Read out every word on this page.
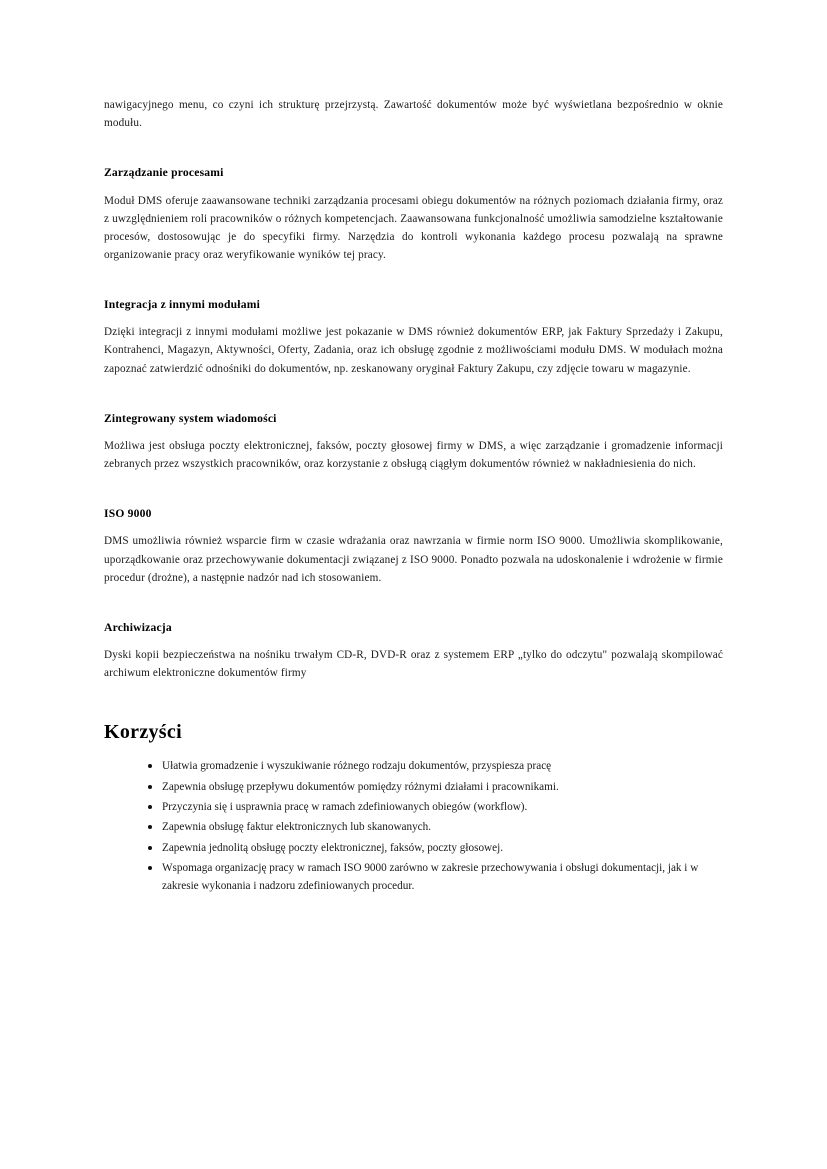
nawigacyjnego menu, co czyni ich strukturę przejrzystą. Zawartość dokumentów może być wyświetlana bezpośrednio w oknie modułu.

Zarządzanie procesami

Moduł DMS oferuje zaawansowane techniki zarządzania procesami obiegu dokumentów na różnych poziomach działania firmy, oraz z uwzględnieniem roli pracowników o różnych kompetencjach. Zaawansowana funkcjonalność umożliwia samodzielne kształtowanie procesów, dostosowując je do specyfiki firmy. Narzędzia do kontroli wykonania każdego procesu pozwalają na sprawne organizowanie pracy oraz weryfikowanie wyników tej pracy.

Integracja z innymi modułami

Dzięki integracji z innymi modułami możliwe jest pokazanie w DMS również dokumentów ERP, jak Faktury Sprzedaży i Zakupu, Kontrahenci, Magazyn, Aktywności, Oferty, Zadania, oraz ich obsługę zgodnie z możliwościami modułu DMS. W modułach można zapoznać zatwierdzić odnośniki do dokumentów, np. zeskanowany oryginał Faktury Zakupu, czy zdjęcie towaru w magazynie.

Zintegrowany system wiadomości

Możliwa jest obsługa poczty elektronicznej, faksów, poczty głosowej firmy w DMS, a więc zarządzanie i gromadzenie informacji zebranych przez wszystkich pracowników, oraz korzystanie z obsługą ciągłym dokumentów również w nakładniesienia do nich.

ISO 9000

DMS umożliwia również wsparcie firm w czasie wdrażania oraz nawrzania w firmie norm ISO 9000. Umożliwia skomplikowanie, uporządkowanie oraz przechowywanie dokumentacji związanej z ISO 9000. Ponadto pozwala na udoskonalenie i wdrożenie w firmie procedur (drożne), a następnie nadzór nad ich stosowaniem.

Archiwizacja

Dyski kopii bezpieczeństwa na nośniku trwałym CD-R, DVD-R oraz z systemem ERP „tylko do odczytu" pozwalają skompilować archiwum elektroniczne dokumentów firmy

Korzyści
Ułatwia gromadzenie i wyszukiwanie różnego rodzaju dokumentów, przyspiesza pracę
Zapewnia obsługę przepływu dokumentów pomiędzy różnymi działami i pracownikami.
Przyczynia się i usprawnia pracę w ramach zdefiniowanych obiegów (workflow).
Zapewnia obsługę faktur elektronicznych lub skanowanych.
Zapewnia jednolitą obsługę poczty elektronicznej, faksów, poczty głosowej.
Wspomaga organizację pracy w ramach ISO 9000 zarówno w zakresie przechowywania i obsługi dokumentacji, jak i w zakresie wykonania i nadzoru zdefiniowanych procedur.
